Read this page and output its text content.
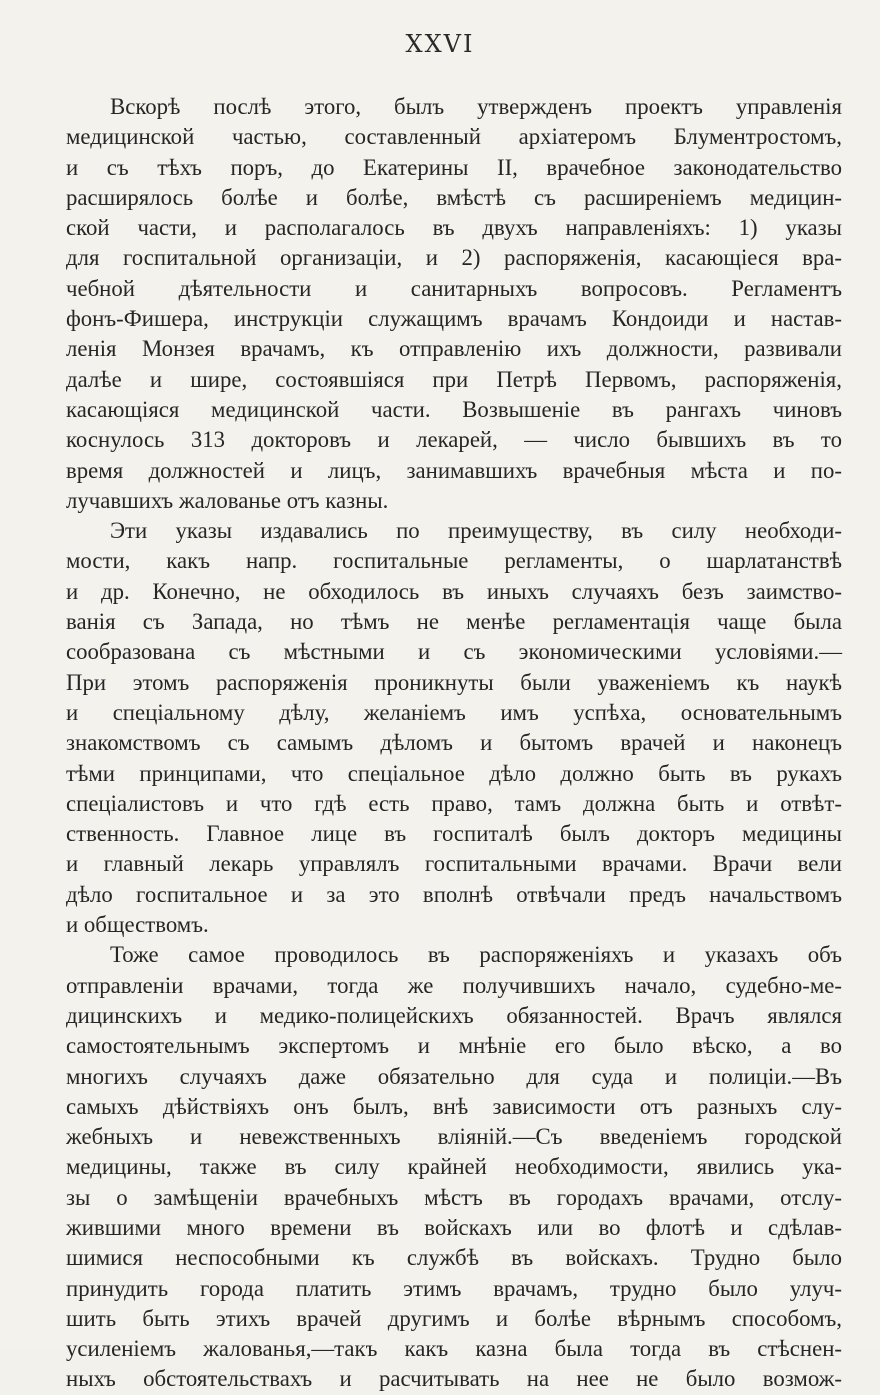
XXVI
Вскорѣ послѣ этого, былъ утвержденъ проектъ управленія
медицинской частью, составленный архіатеромъ Блументростомъ,
и съ тѣхъ поръ, до Екатерины II, врачебное законодательство
расширялось болѣе и болѣе, вмѣстѣ съ расширеніемъ медицин-
ской части, и располагалось въ двухъ направленіяхъ: 1) указы
для госпитальной организаціи, и 2) распоряженія, касающіеся вра-
чебной дѣятельности и санитарныхъ вопросовъ. Регламентъ
фонъ-Фишера, инструкціи служащимъ врачамъ Кондоиди и настав-
ленія Монзея врачамъ, къ отправленію ихъ должности, развивали
далѣе и шире, состоявшіяся при Петрѣ Первомъ, распоряженія,
касающіяся медицинской части. Возвышеніе въ рангахъ чиновъ
коснулось 313 докторовъ и лекарей, — число бывшихъ въ то
время должностей и лицъ, занимавшихъ врачебныя мѣста и по-
лучавшихъ жалованье отъ казны.
Эти указы издавались по преимуществу, въ силу необходи-
мости, какъ напр. госпитальные регламенты, о шарлатанствѣ
и др. Конечно, не обходилось въ иныхъ случаяхъ безъ заимство-
ванія съ Запада, но тѣмъ не менѣе регламентація чаще была
сообразована съ мѣстными и съ экономическими условіями.—
При этомъ распоряженія проникнуты были уваженіемъ къ наукѣ
и спеціальному дѣлу, желаніемъ имъ успѣха, основательнымъ
знакомствомъ съ самымъ дѣломъ и бытомъ врачей и наконецъ
тѣми принципами, что спеціальное дѣло должно быть въ рукахъ
спеціалистовъ и что гдѣ есть право, тамъ должна быть и отвѣт-
ственность. Главное лице въ госпиталѣ былъ докторъ медицины
и главный лекарь управлялъ госпитальными врачами. Врачи вели
дѣло госпитальное и за это вполнѣ отвѣчали предъ начальствомъ
и обществомъ.
Тоже самое проводилось въ распоряженіяхъ и указахъ объ
отправленіи врачами, тогда же получившихъ начало, судебно-ме-
дицинскихъ и медико-полицейскихъ обязанностей. Врачъ являлся
самостоятельнымъ экспертомъ и мнѣніе его было вѣско, а во
многихъ случаяхъ даже обязательно для суда и полиціи.—Въ
самыхъ дѣйствіяхъ онъ былъ, внѣ зависимости отъ разныхъ слу-
жебныхъ и невежственныхъ вліяній.—Съ введеніемъ городской
медицины, также въ силу крайней необходимости, явились ука-
зы о замѣщеніи врачебныхъ мѣстъ въ городахъ врачами, отслу-
жившими много времени въ войскахъ или во флотѣ и сдѣлав-
шимися неспособными къ службѣ въ войскахъ. Трудно было
принудить города платить этимъ врачамъ, трудно было улуч-
шить быть этихъ врачей другимъ и болѣе вѣрнымъ способомъ,
усиленіемъ жалованья,—такъ какъ казна была тогда въ стѣснен-
ныхъ обстоятельствахъ и расчитывать на нее не было возмож-
